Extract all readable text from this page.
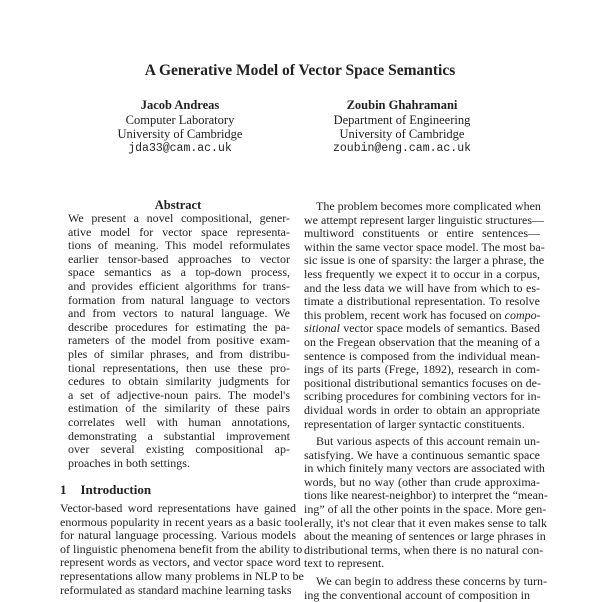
A Generative Model of Vector Space Semantics
Jacob Andreas
Computer Laboratory
University of Cambridge
jda33@cam.ac.uk
Zoubin Ghahramani
Department of Engineering
University of Cambridge
zoubin@eng.cam.ac.uk
Abstract
We present a novel compositional, gener-
ative model for vector space representa-
tions of meaning. This model reformulates
earlier tensor-based approaches to vector
space semantics as a top-down process,
and provides efficient algorithms for trans-
formation from natural language to vectors
and from vectors to natural language. We
describe procedures for estimating the pa-
rameters of the model from positive exam-
ples of similar phrases, and from distribu-
tional representations, then use these pro-
cedures to obtain similarity judgments for
a set of adjective-noun pairs. The model's
estimation of the similarity of these pairs
correlates well with human annotations,
demonstrating a substantial improvement
over several existing compositional ap-
proaches in both settings.
1 Introduction
Vector-based word representations have gained
enormous popularity in recent years as a basic tool
for natural language processing. Various models
of linguistic phenomena benefit from the ability to
represent words as vectors, and vector space word
representations allow many problems in NLP to be
reformulated as standard machine learning tasks
The problem becomes more complicated when
we attempt represent larger linguistic structures—
multiword constituents or entire sentences—
within the same vector space model. The most ba-
sic issue is one of sparsity: the larger a phrase, the
less frequently we expect it to occur in a corpus,
and the less data we will have from which to es-
timate a distributional representation. To resolve
this problem, recent work has focused on compo-
sitional vector space models of semantics. Based
on the Fregean observation that the meaning of a
sentence is composed from the individual mean-
ings of its parts (Frege, 1892), research in com-
positional distributional semantics focuses on de-
scribing procedures for combining vectors for in-
dividual words in order to obtain an appropriate
representation of larger syntactic constituents.
But various aspects of this account remain un-
satisfying. We have a continuous semantic space
in which finitely many vectors are associated with
words, but no way (other than crude approxima-
tions like nearest-neighbor) to interpret the “mean-
ing” of all the other points in the space. More gen-
erally, it's not clear that it even makes sense to talk
about the meaning of sentences or large phrases in
distributional terms, when there is no natural con-
text to represent.
We can begin to address these concerns by turn-
ing the conventional account of composition in
